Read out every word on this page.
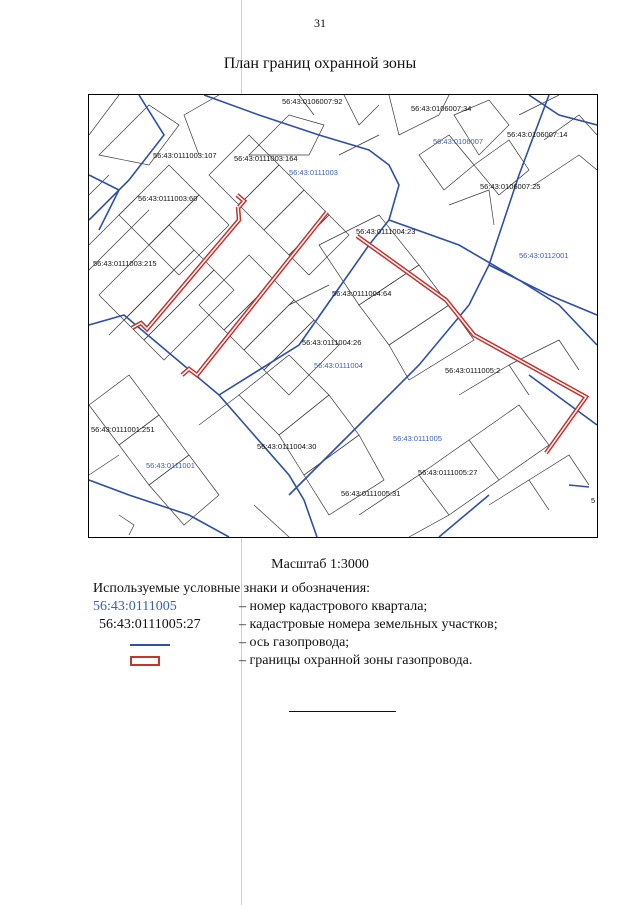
31
План границ охранной зоны
56:43:0106007
56:43:0111003
56:43:0112001
56:43:0111004
56:43:0111005
56:43:0111001
56:43:0106007:92
56:43:0106007:34
56:43:0106007:14
56:43:0106007:25
56:43:0111003:107 56:43:0111003:164
56:43:0111003:60
56:43:0111003:215
56:43:0111004:23
56:43:0111004:64
56:43:0111004:26
56:43:0111005:2
56:43:0111001:251
56:43:0111004:30
56:43:0111005:27
56:43:0111005:31
5
Масштаб 1:3000
Используемые условные знаки и обозначения:
56:43:0111005	– номер кадастрового квартала;
56:43:0111005:27	– кадастровые номера земельных участков;
– ось газопровода;
– границы охранной зоны газопровода.
